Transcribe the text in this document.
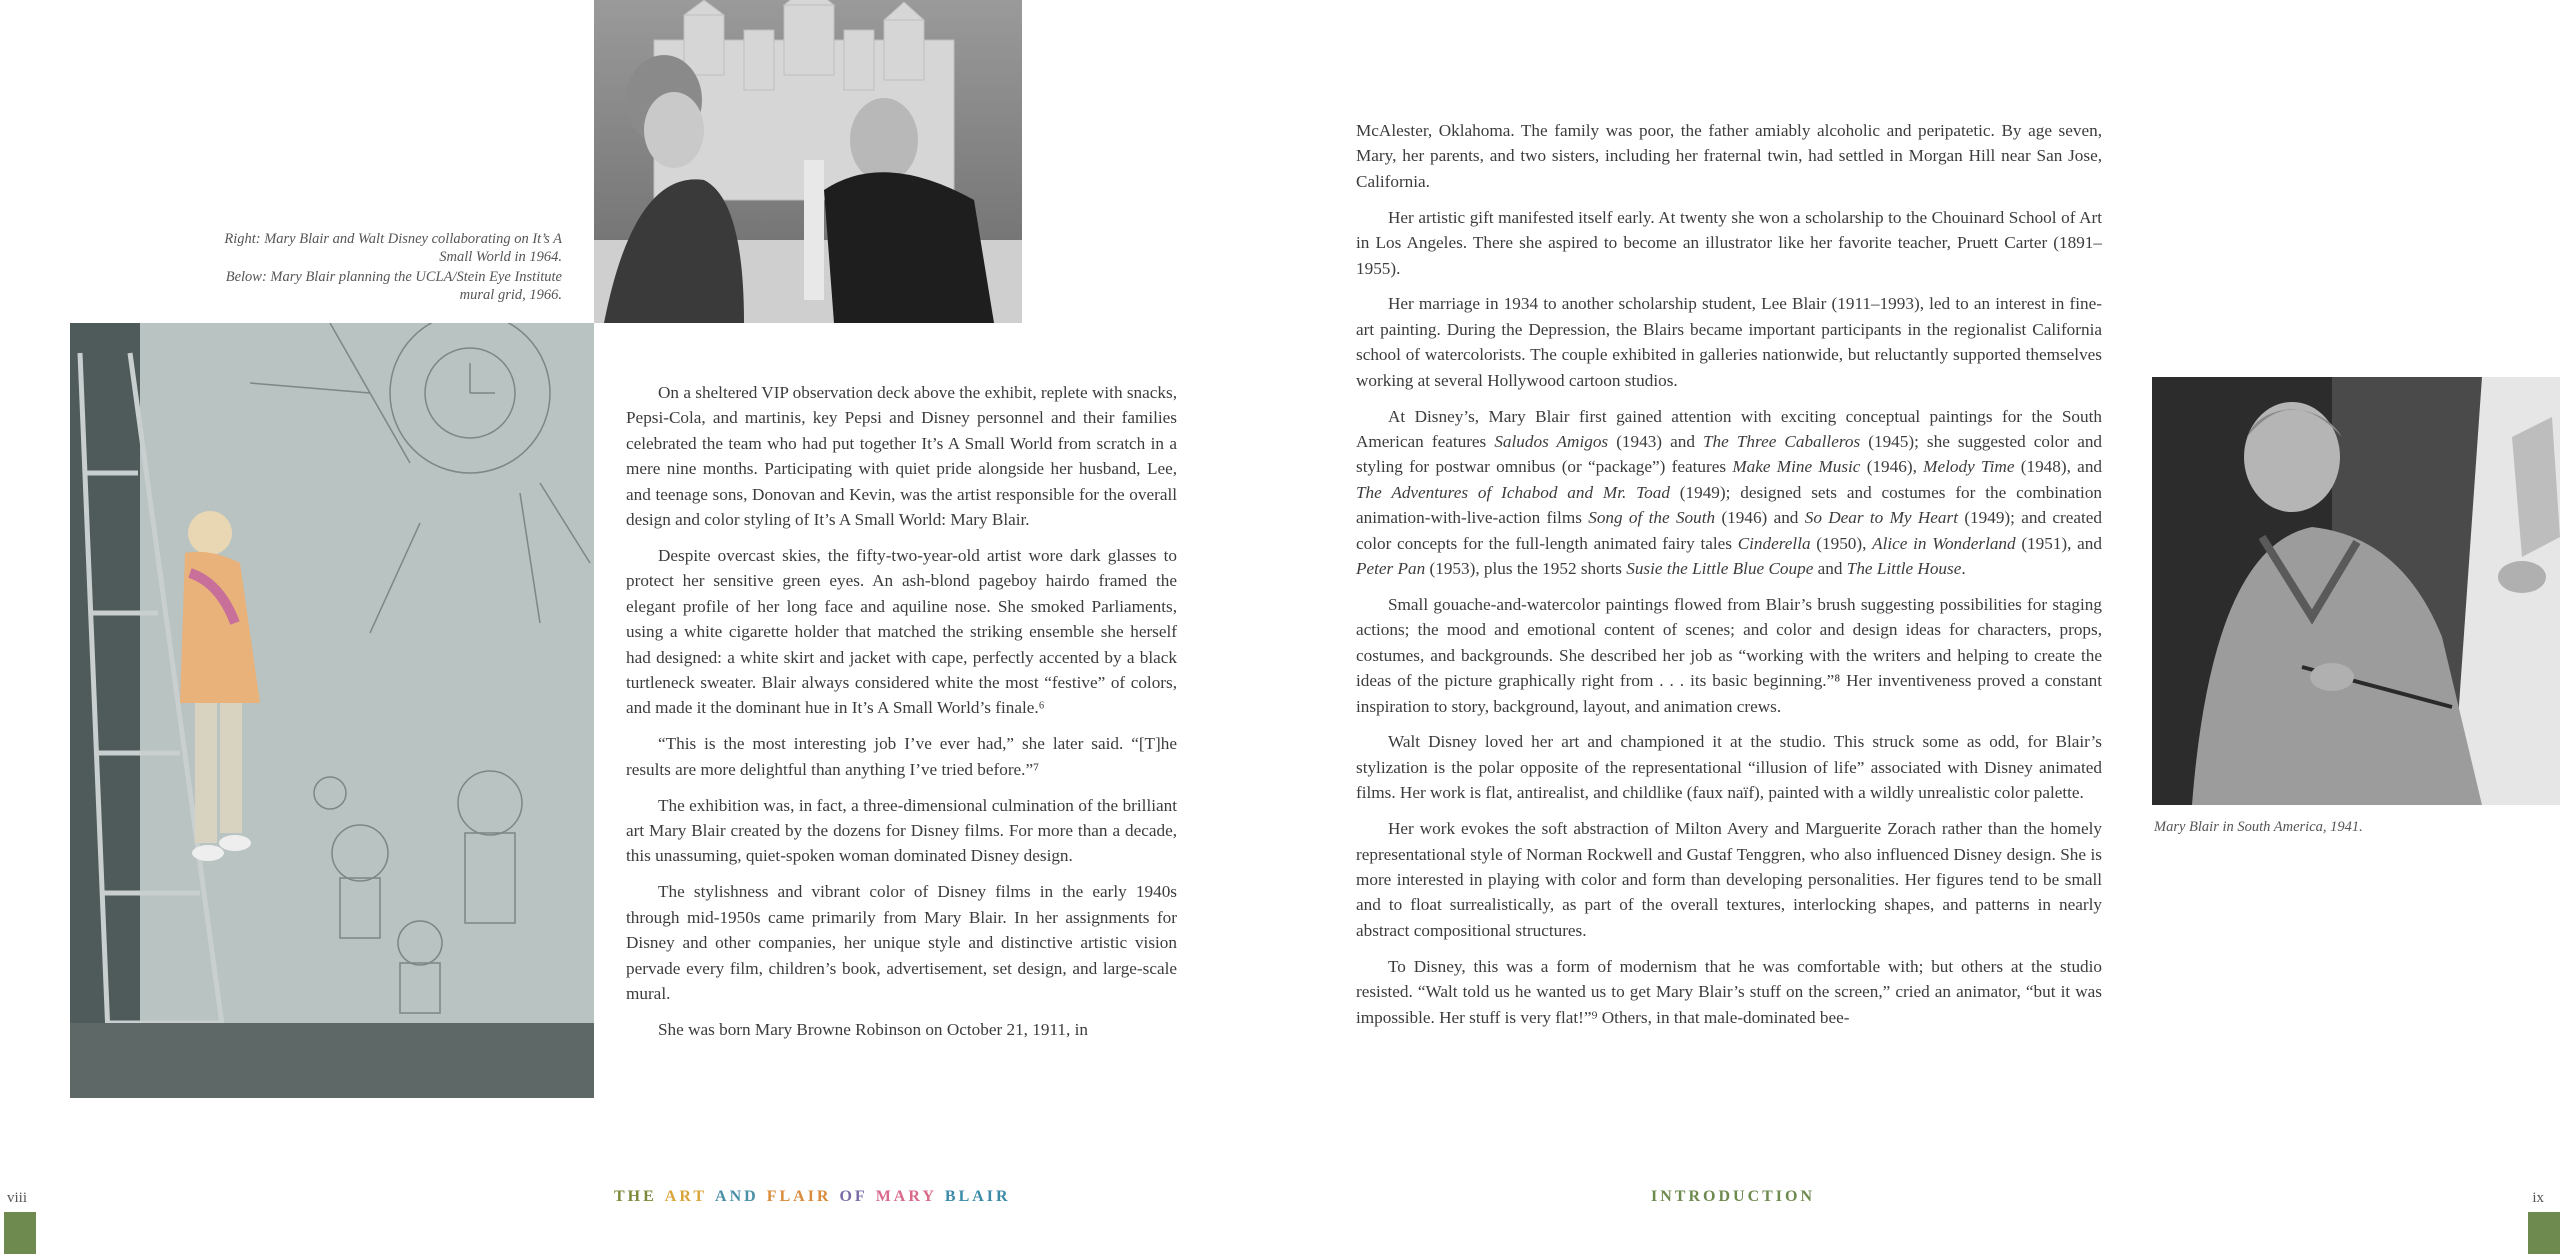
Right: Mary Blair and Walt Disney collaborating on It’s A Small World in 1964.

Below: Mary Blair planning the UCLA/Stein Eye Institute mural grid, 1966.

Mary Blair in South America, 1941.

On a sheltered VIP observation deck above the exhibit, replete with snacks, Pepsi-Cola, and martinis, key Pepsi and Disney personnel and their families celebrated the team who had put together It’s A Small World from scratch in a mere nine months. Participating with quiet pride alongside her husband, Lee, and teenage sons, Donovan and Kevin, was the artist responsible for the overall design and color styling of It’s A Small World: Mary Blair.

Despite overcast skies, the fifty-two-year-old artist wore dark glasses to protect her sensitive green eyes. An ash-blond pageboy hairdo framed the elegant profile of her long face and aquiline nose. She smoked Parliaments, using a white cigarette holder that matched the striking ensemble she herself had designed: a white skirt and jacket with cape, perfectly accented by a black turtleneck sweater. Blair always considered white the most “festive” of colors, and made it the dominant hue in It’s A Small World’s finale.⁶

“This is the most interesting job I’ve ever had,” she later said. “[T]he results are more delightful than anything I’ve tried before.”⁷

The exhibition was, in fact, a three-dimensional culmination of the brilliant art Mary Blair created by the dozens for Disney films. For more than a decade, this unassuming, quiet-spoken woman dominated Disney design.

The stylishness and vibrant color of Disney films in the early 1940s through mid-1950s came primarily from Mary Blair. In her assignments for Disney and other companies, her unique style and distinctive artistic vision pervade every film, children’s book, advertisement, set design, and large-scale mural.

She was born Mary Browne Robinson on October 21, 1911, in

McAlester, Oklahoma. The family was poor, the father amiably alcoholic and peripatetic. By age seven, Mary, her parents, and two sisters, including her fraternal twin, had settled in Morgan Hill near San Jose, California.

Her artistic gift manifested itself early. At twenty she won a scholarship to the Chouinard School of Art in Los Angeles. There she aspired to become an illustrator like her favorite teacher, Pruett Carter (1891–1955).

Her marriage in 1934 to another scholarship student, Lee Blair (1911–1993), led to an interest in fine-art painting. During the Depression, the Blairs became important participants in the regionalist California school of watercolorists. The couple exhibited in galleries nationwide, but reluctantly supported themselves working at several Hollywood cartoon studios.

At Disney’s, Mary Blair first gained attention with exciting conceptual paintings for the South American features Saludos Amigos (1943) and The Three Caballeros (1945); she suggested color and styling for postwar omnibus (or “package”) features Make Mine Music (1946), Melody Time (1948), and The Adventures of Ichabod and Mr. Toad (1949); designed sets and costumes for the combination animation-with-live-action films Song of the South (1946) and So Dear to My Heart (1949); and created color concepts for the full-length animated fairy tales Cinderella (1950), Alice in Wonderland (1951), and Peter Pan (1953), plus the 1952 shorts Susie the Little Blue Coupe and The Little House.

Small gouache-and-watercolor paintings flowed from Blair’s brush suggesting possibilities for staging actions; the mood and emotional content of scenes; and color and design ideas for characters, props, costumes, and backgrounds. She described her job as “working with the writers and helping to create the ideas of the picture graphically right from . . . its basic beginning.”⁸ Her inventiveness proved a constant inspiration to story, background, layout, and animation crews.

Walt Disney loved her art and championed it at the studio. This struck some as odd, for Blair’s stylization is the polar opposite of the representational “illusion of life” associated with Disney animated films. Her work is flat, antirealist, and childlike (faux naïf), painted with a wildly unrealistic color palette.

Her work evokes the soft abstraction of Milton Avery and Marguerite Zorach rather than the homely representational style of Norman Rockwell and Gustaf Tenggren, who also influenced Disney design. She is more interested in playing with color and form than developing personalities. Her figures tend to be small and to float surrealistically, as part of the overall textures, interlocking shapes, and patterns in nearly abstract compositional structures.

To Disney, this was a form of modernism that he was comfortable with; but others at the studio resisted. “Walt told us he wanted us to get Mary Blair’s stuff on the screen,” cried an animator, “but it was impossible. Her stuff is very flat!”⁹ Others, in that male-dominated bee-

viii	ix
THE ART AND FLAIR OF MARY BLAIR	INTRODUCTION
